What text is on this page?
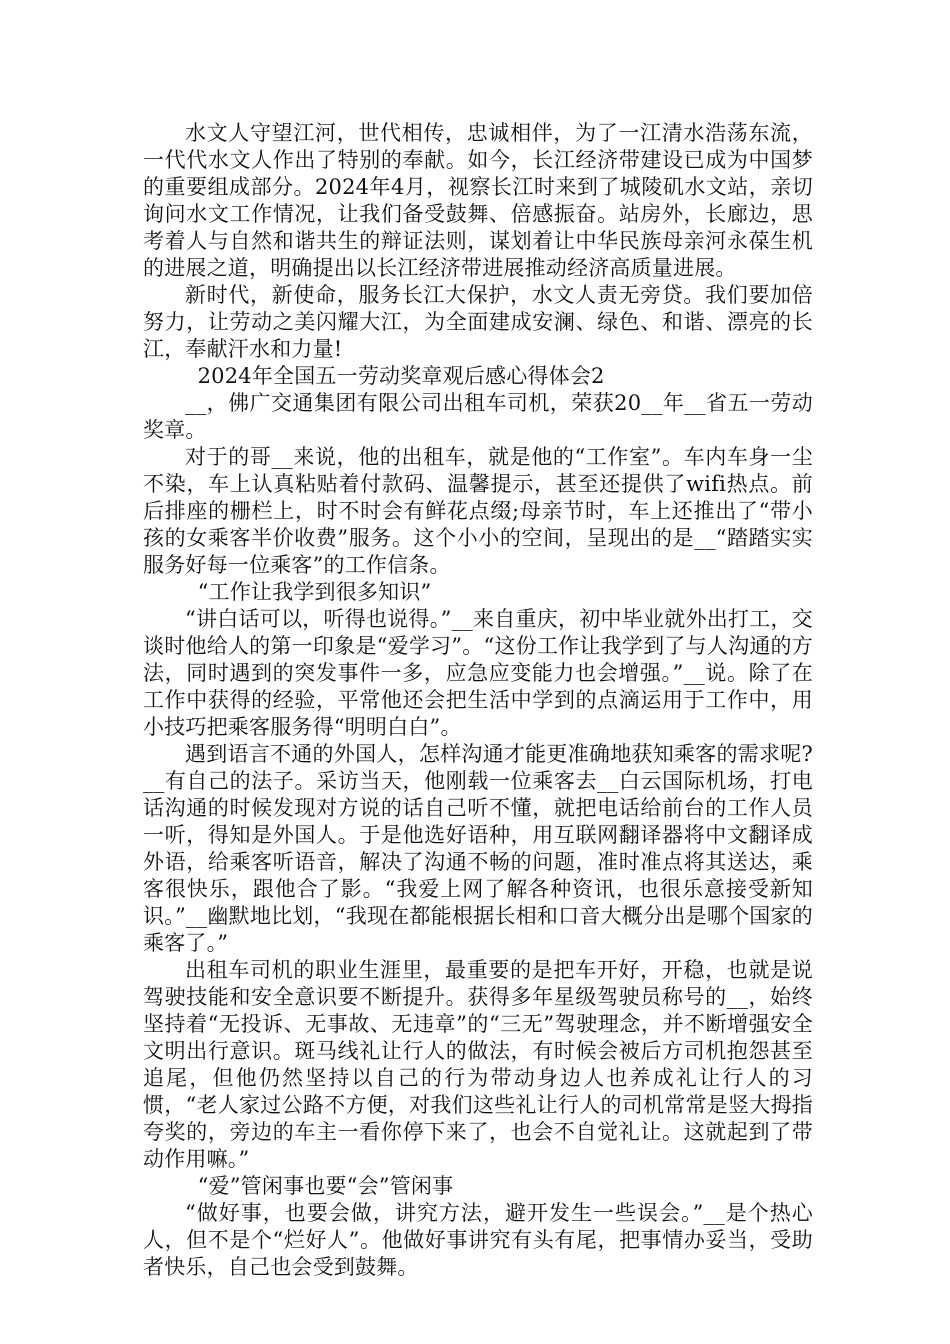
水文人守望江河，世代相传，忠诚相伴，为了一江清水浩荡东流，一代代水文人作出了特别的奉献。如今，长江经济带建设已成为中国梦的重要组成部分。2024年4月，视察长江时来到了城陵矶水文站，亲切询问水文工作情况，让我们备受鼓舞、倍感振奋。站房外，长廊边，思考着人与自然和谐共生的辩证法则，谋划着让中华民族母亲河永葆生机的进展之道，明确提出以长江经济带进展推动经济高质量进展。

新时代，新使命，服务长江大保护，水文人责无旁贷。我们要加倍努力，让劳动之美闪耀大江，为全面建成安澜、绿色、和谐、漂亮的长江，奉献汗水和力量!

2024年全国五一劳动奖章观后感心得体会2

__，佛广交通集团有限公司出租车司机，荣获20__年__省五一劳动奖章。

对于的哥__来说，他的出租车，就是他的“工作室”。车内车身一尘不染，车上认真粘贴着付款码、温馨提示，甚至还提供了wifi热点。前后排座的栅栏上，时不时会有鲜花点缀;母亲节时，车上还推出了“带小孩的女乘客半价收费”服务。这个小小的空间，呈现出的是__“踏踏实实服务好每一位乘客”的工作信条。

“工作让我学到很多知识”

“讲白话可以，听得也说得。”__来自重庆，初中毕业就外出打工，交谈时他给人的第一印象是“爱学习”。“这份工作让我学到了与人沟通的方法，同时遇到的突发事件一多，应急应变能力也会增强。”__说。除了在工作中获得的经验，平常他还会把生活中学到的点滴运用于工作中，用小技巧把乘客服务得“明明白白”。

遇到语言不通的外国人，怎样沟通才能更准确地获知乘客的需求呢?__有自己的法子。采访当天，他刚载一位乘客去__白云国际机场，打电话沟通的时候发现对方说的话自己听不懂，就把电话给前台的工作人员一听，得知是外国人。于是他选好语种，用互联网翻译器将中文翻译成外语，给乘客听语音，解决了沟通不畅的问题，准时准点将其送达，乘客很快乐，跟他合了影。“我爱上网了解各种资讯，也很乐意接受新知识。”__幽默地比划，“我现在都能根据长相和口音大概分出是哪个国家的乘客了。”

出租车司机的职业生涯里，最重要的是把车开好，开稳，也就是说驾驶技能和安全意识要不断提升。获得多年星级驾驶员称号的__，始终坚持着“无投诉、无事故、无违章”的“三无”驾驶理念，并不断增强安全文明出行意识。斑马线礼让行人的做法，有时候会被后方司机抱怨甚至追尾，但他仍然坚持以自己的行为带动身边人也养成礼让行人的习惯，“老人家过公路不方便，对我们这些礼让行人的司机常常是竖大拇指夸奖的，旁边的车主一看你停下来了，也会不自觉礼让。这就起到了带动作用嘛。”

“爱”管闲事也要“会”管闲事

“做好事，也要会做，讲究方法，避开发生一些误会。”__是个热心人，但不是个“烂好人”。他做好事讲究有头有尾，把事情办妥当，受助者快乐，自己也会受到鼓舞。
